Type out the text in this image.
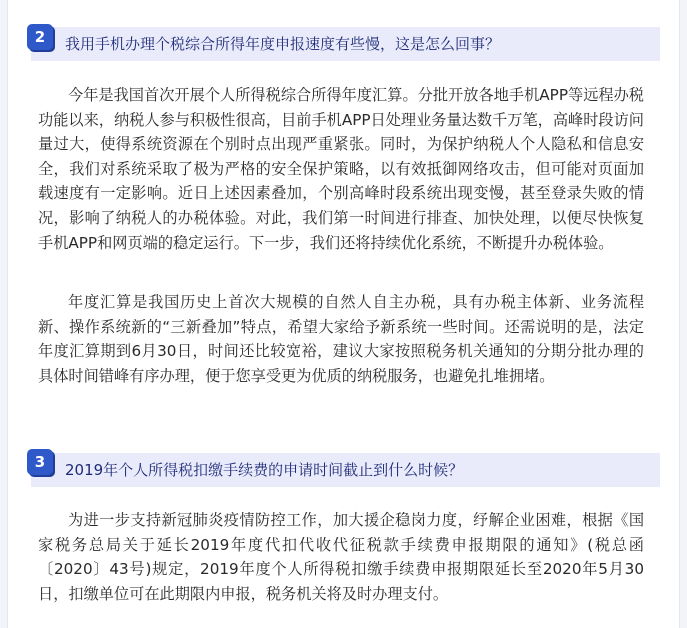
2	我用手机办理个税综合所得年度申报速度有些慢，这是怎么回事？

今年是我国首次开展个人所得税综合所得年度汇算。分批开放各地手机APP等远程办税功能以来，纳税人参与积极性很高，目前手机APP日处理业务量达数千万笔，高峰时段访问量过大，使得系统资源在个别时点出现严重紧张。同时，为保护纳税人个人隐私和信息安全，我们对系统采取了极为严格的安全保护策略，以有效抵御网络攻击，但可能对页面加载速度有一定影响。近日上述因素叠加，个别高峰时段系统出现变慢，甚至登录失败的情况，影响了纳税人的办税体验。对此，我们第一时间进行排查、加快处理，以便尽快恢复手机APP和网页端的稳定运行。下一步，我们还将持续优化系统，不断提升办税体验。

年度汇算是我国历史上首次大规模的自然人自主办税，具有办税主体新、业务流程新、操作系统新的“三新叠加”特点，希望大家给予新系统一些时间。还需说明的是，法定年度汇算期到6月30日，时间还比较宽裕，建议大家按照税务机关通知的分期分批办理的具体时间错峰有序办理，便于您享受更为优质的纳税服务，也避免扎堆拥堵。

3	2019年个人所得税扣缴手续费的申请时间截止到什么时候？

为进一步支持新冠肺炎疫情防控工作，加大援企稳岗力度，纾解企业困难，根据《国家税务总局关于延长2019年度代扣代收代征税款手续费申报期限的通知》(税总函〔2020〕43号)规定，2019年度个人所得税扣缴手续费申报期限延长至2020年5月30日，扣缴单位可在此期限内申报，税务机关将及时办理支付。
